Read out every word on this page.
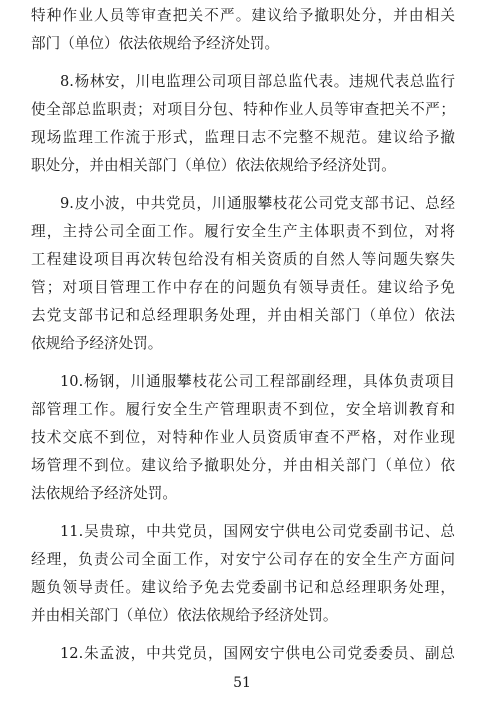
特种作业人员等审查把关不严。建议给予撤职处分，并由相关
部门（单位）依法依规给予经济处罚。
8.杨林安，川电监理公司项目部总监代表。违规代表总监行
使全部总监职责；对项目分包、特种作业人员等审查把关不严；
现场监理工作流于形式，监理日志不完整不规范。建议给予撤
职处分，并由相关部门（单位）依法依规给予经济处罚。
9.皮小波，中共党员，川通服攀枝花公司党支部书记、总经
理，主持公司全面工作。履行安全生产主体职责不到位，对将
工程建设项目再次转包给没有相关资质的自然人等问题失察失
管；对项目管理工作中存在的问题负有领导责任。建议给予免
去党支部书记和总经理职务处理，并由相关部门（单位）依法
依规给予经济处罚。
10.杨钢，川通服攀枝花公司工程部副经理，具体负责项目
部管理工作。履行安全生产管理职责不到位，安全培训教育和
技术交底不到位，对特种作业人员资质审查不严格，对作业现
场管理不到位。建议给予撤职处分，并由相关部门（单位）依
法依规给予经济处罚。
11.吴贵琼，中共党员，国网安宁供电公司党委副书记、总
经理，负责公司全面工作，对安宁公司存在的安全生产方面问
题负领导责任。建议给予免去党委副书记和总经理职务处理，
并由相关部门（单位）依法依规给予经济处罚。
12.朱孟波，中共党员，国网安宁供电公司党委委员、副总
51
